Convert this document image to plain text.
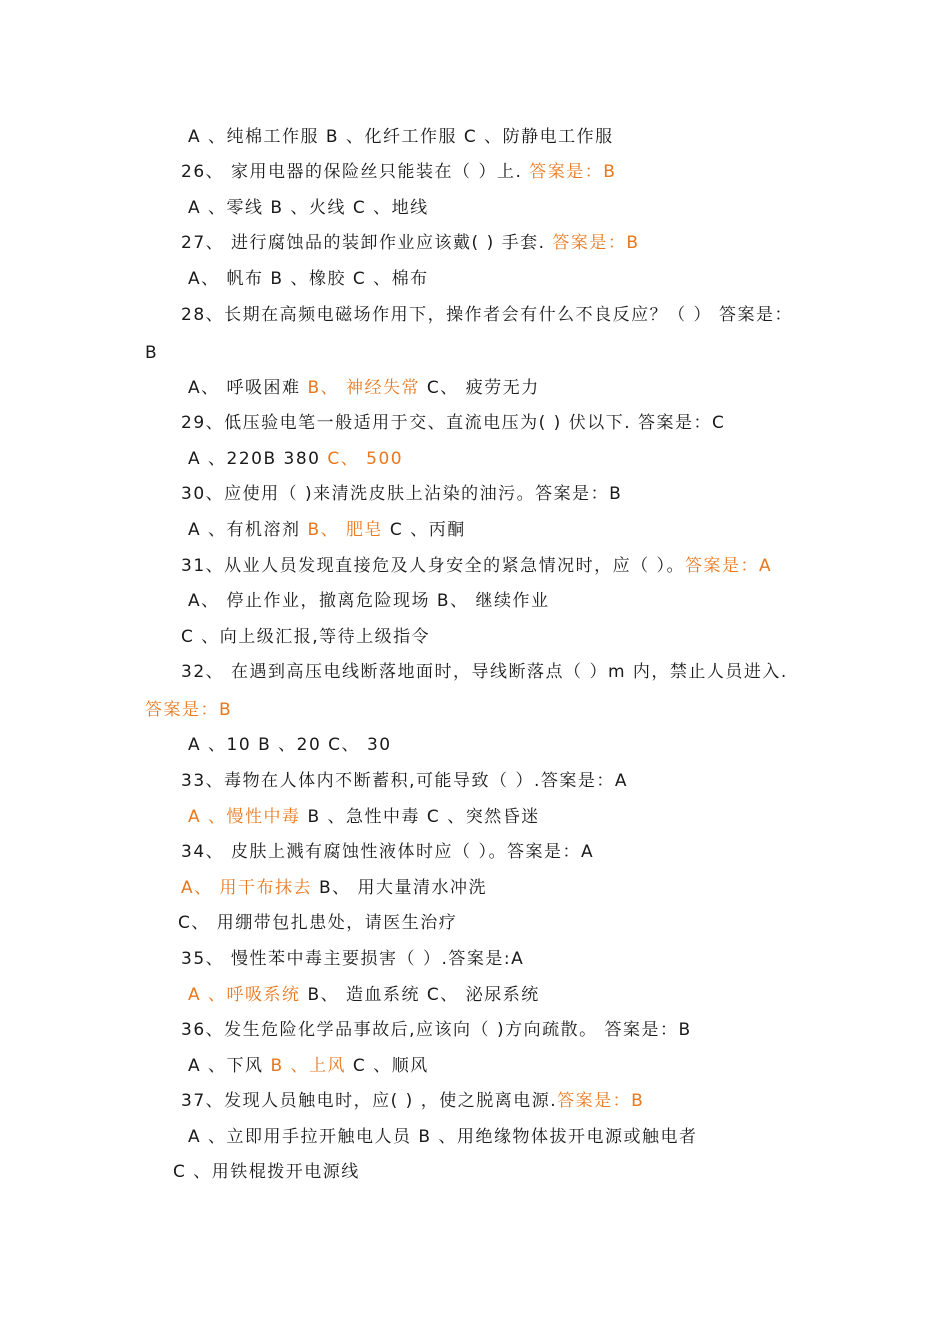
A 、纯棉工作服 B 、化纤工作服 C 、防静电工作服
26、 家用电器的保险丝只能装在（ ）上. 答案是：B
A 、零线 B 、火线 C 、地线
27、 进行腐蚀品的装卸作业应该戴( ) 手套. 答案是：B
A、 帆布 B 、橡胶 C 、棉布
28、长期在高频电磁场作用下，操作者会有什么不良反应？（ ） 答案是：
B
A、 呼吸困难 B、 神经失常 C、 疲劳无力
29、低压验电笔一般适用于交、直流电压为( ) 伏以下. 答案是：C
A 、220B 380 C、 500
30、应使用（ )来清洗皮肤上沾染的油污。答案是：B
A 、有机溶剂 B、 肥皂 C 、丙酮
31、从业人员发现直接危及人身安全的紧急情况时，应（ ）。答案是：A
A、 停止作业，撤离危险现场 B、 继续作业
C 、向上级汇报,等待上级指令
32、 在遇到高压电线断落地面时，导线断落点（ ）m 内，禁止人员进入.
答案是：B
A 、10 B 、20 C、 30
33、毒物在人体内不断蓄积,可能导致（ ）.答案是：A
A 、慢性中毒 B 、急性中毒 C 、突然昏迷
34、 皮肤上溅有腐蚀性液体时应（ ）。答案是：A
A、 用干布抹去 B、 用大量清水冲洗
C、 用绷带包扎患处，请医生治疗
35、 慢性苯中毒主要损害（ ）.答案是:A
A 、呼吸系统 B、 造血系统 C、 泌尿系统
36、发生危险化学品事故后,应该向（ )方向疏散。 答案是：B
A 、下风 B 、上风 C 、顺风
37、发现人员触电时，应( ) ，使之脱离电源.答案是：B
A 、立即用手拉开触电人员 B 、用绝缘物体拔开电源或触电者
C 、用铁棍拨开电源线
